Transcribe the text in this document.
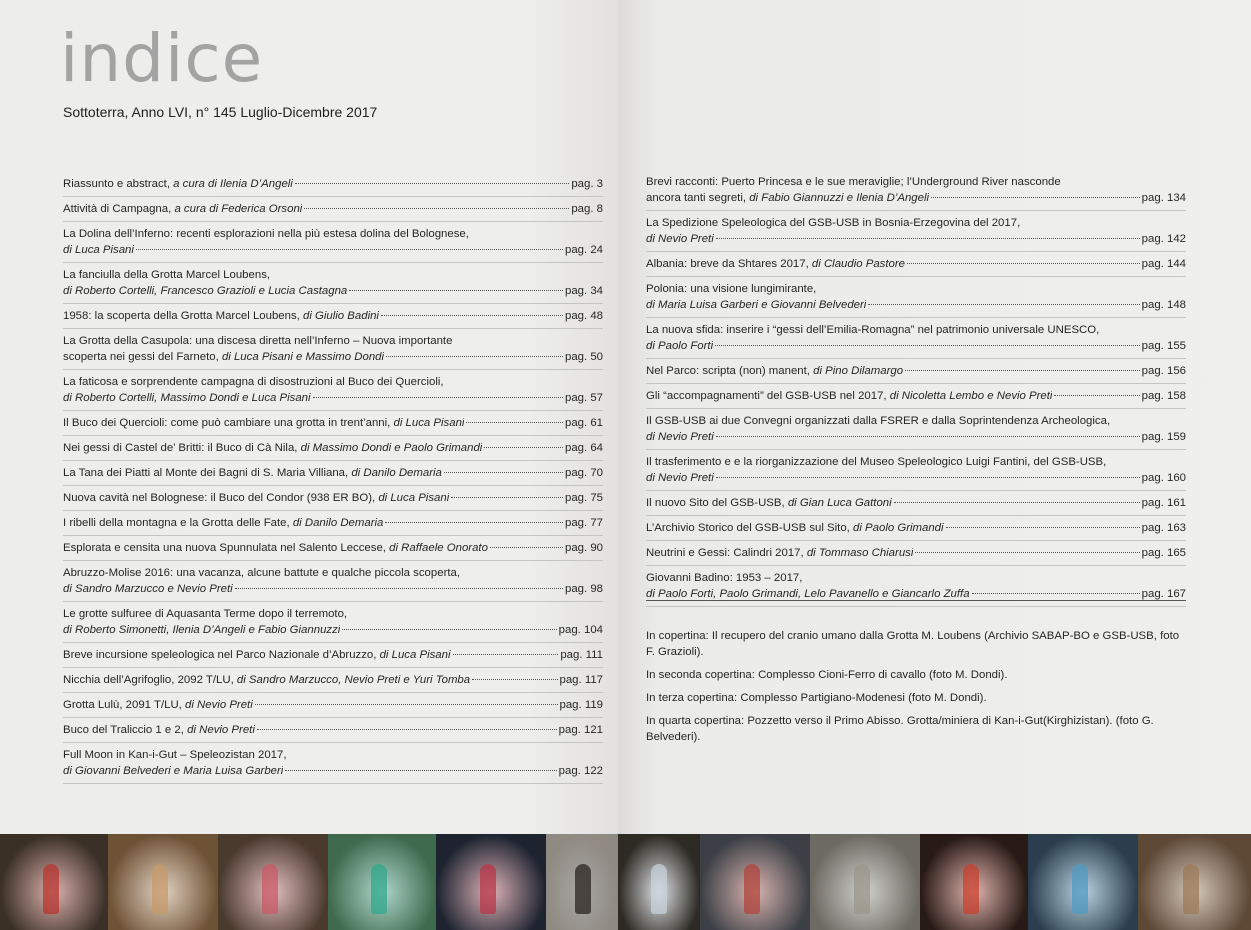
indice
Sottoterra, Anno LVI, n° 145 Luglio-Dicembre 2017
Riassunto e abstract, a cura di Ilenia D’Angeli	pag. 3
Attività di Campagna, a cura di Federica Orsoni	pag. 8
La Dolina dell’Inferno: recenti esplorazioni nella più estesa dolina del Bolognese,
di Luca Pisani	pag. 24
La fanciulla della Grotta Marcel Loubens,
di Roberto Cortelli, Francesco Grazioli e Lucia Castagna	pag. 34
1958: la scoperta della Grotta Marcel Loubens, di Giulio Badini	pag. 48
La Grotta della Casupola: una discesa diretta nell’Inferno – Nuova importante
scoperta nei gessi del Farneto, di Luca Pisani e Massimo Dondi	pag. 50
La faticosa e sorprendente campagna di disostruzioni al Buco dei Quercioli,
di Roberto Cortelli, Massimo Dondi e Luca Pisani	pag. 57
Il Buco dei Quercioli: come può cambiare una grotta in trent’anni, di Luca Pisani	pag. 61
Nei gessi di Castel de’ Britti: il Buco di Cà Nila, di Massimo Dondi e Paolo Grimandi	pag. 64
La Tana dei Piatti al Monte dei Bagni di S. Maria Villiana, di Danilo Demaria	pag. 70
Nuova cavità nel Bolognese: il Buco del Condor (938 ER BO), di Luca Pisani	pag. 75
I ribelli della montagna e la Grotta delle Fate, di Danilo Demaria	pag. 77
Esplorata e censita una nuova Spunnulata nel Salento Leccese, di Raffaele Onorato	pag. 90
Abruzzo-Molise 2016: una vacanza, alcune battute e qualche piccola scoperta,
di Sandro Marzucco e Nevio Preti	pag. 98
Le grotte sulfuree di Aquasanta Terme dopo il terremoto,
di Roberto Simonetti, Ilenia D’Angeli e Fabio Giannuzzi	pag. 104
Breve incursione speleologica nel Parco Nazionale d’Abruzzo, di Luca Pisani	pag. 111
Nicchia dell’Agrifoglio, 2092 T/LU, di Sandro Marzucco, Nevio Preti e Yuri Tomba	pag. 117
Grotta Lulù, 2091 T/LU, di Nevio Preti	pag. 119
Buco del Traliccio 1 e 2, di Nevio Preti	pag. 121
Full Moon in Kan-i-Gut – Speleozistan 2017,
di Giovanni Belvederi e Maria Luisa Garberi	pag. 122
Brevi racconti: Puerto Princesa e le sue meraviglie; l’Underground River nasconde
ancora tanti segreti, di Fabio Giannuzzi e Ilenia D’Angeli	pag. 134
La Spedizione Speleologica del GSB-USB in Bosnia-Erzegovina del 2017,
di Nevio Preti	pag. 142
Albania: breve da Shtares 2017, di Claudio Pastore	pag. 144
Polonia: una visione lungimirante,
di Maria Luisa Garberi e Giovanni Belvederi	pag. 148
La nuova sfida: inserire i “gessi dell’Emilia-Romagna” nel patrimonio universale UNESCO,
di Paolo Forti	pag. 155
Nel Parco: scripta (non) manent, di Pino Dilamargo	pag. 156
Gli “accompagnamenti” del GSB-USB nel 2017, di Nicoletta Lembo e Nevio Preti	pag. 158
Il GSB-USB ai due Convegni organizzati dalla FSRER e dalla Soprintendenza Archeologica,
di Nevio Preti	pag. 159
Il trasferimento e e la riorganizzazione del Museo Speleologico Luigi Fantini, del GSB-USB,
di Nevio Preti	pag. 160
Il nuovo Sito del GSB-USB, di Gian Luca Gattoni	pag. 161
L’Archivio Storico del GSB-USB sul Sito, di Paolo Grimandi	pag. 163
Neutrini e Gessi: Calindri 2017, di Tommaso Chiarusi	pag. 165
Giovanni Badino: 1953 – 2017,
di Paolo Forti, Paolo Grimandi, Lelo Pavanello e Giancarlo Zuffa	pag. 167

In copertina: Il recupero del cranio umano dalla Grotta M. Loubens (Archivio SABAP-BO e GSB-USB, foto F. Grazioli).

In seconda copertina: Complesso Cioni-Ferro di cavallo (foto M. Dondi).

In terza copertina: Complesso Partigiano-Modenesi (foto M. Dondi).

In quarta copertina: Pozzetto verso il Primo Abisso. Grotta/miniera di Kan-i-Gut(Kirghizistan). (foto G. Belvederi).
